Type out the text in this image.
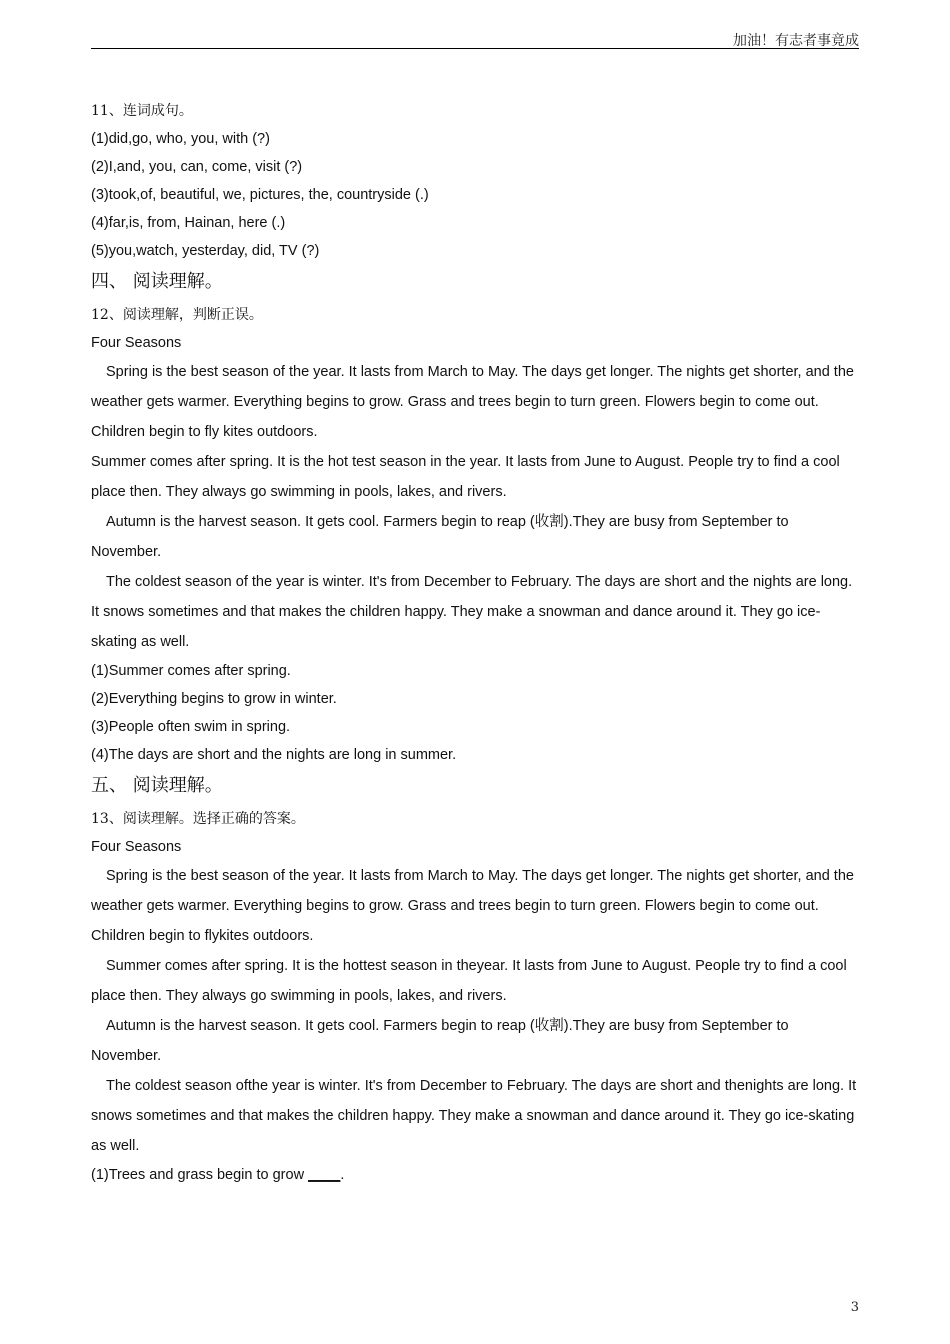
加油！有志者事竟成
11、连词成句。
(1)did,go, who, you, with (?)
(2)I,and, you, can, come, visit (?)
(3)took,of, beautiful, we, pictures, the, countryside (.)
(4)far,is, from, Hainan, here (.)
(5)you,watch, yesterday, did, TV (?)
四、 阅读理解。
12、阅读理解，判断正误。
Four Seasons
Spring is the best season of the year. It lasts from March to May. The days get longer. The nights get shorter, and the weather gets warmer. Everything begins to grow. Grass and trees begin to turn green. Flowers begin to come out. Children begin to fly kites outdoors.
Summer comes after spring. It is the hot test season in the year. It lasts from June to August. People try to find a cool place then. They always go swimming in pools, lakes, and rivers.
Autumn is the harvest season. It gets cool. Farmers begin to reap (收割).They are busy from September to November.
The coldest season of the year is winter. It's from December to February. The days are short and the nights are long. It snows sometimes and that makes the children happy. They make a snowman and dance around it. They go ice-skating as well.
(1)Summer comes after spring.
(2)Everything begins to grow in winter.
(3)People often swim in spring.
(4)The days are short and the nights are long in summer.
五、 阅读理解。
13、阅读理解。选择正确的答案。
Four Seasons
Spring is the best season of the year. It lasts from March to May. The days get longer. The nights get shorter, and the weather gets warmer. Everything begins to grow. Grass and trees begin to turn green. Flowers begin to come out. Children begin to flykites outdoors.
Summer comes after spring. It is the hottest season in theyear. It lasts from June to August. People try to find a cool place then. They always go swimming in pools, lakes, and rivers.
Autumn is the harvest season. It gets cool. Farmers begin to reap (收割).They are busy from September to November.
The coldest season ofthe year is winter. It's from December to February. The days are short and thenights are long. It snows sometimes and that makes the children happy. They make a snowman and dance around it. They go ice-skating as well.
(1)Trees and grass begin to grow ____.
3
